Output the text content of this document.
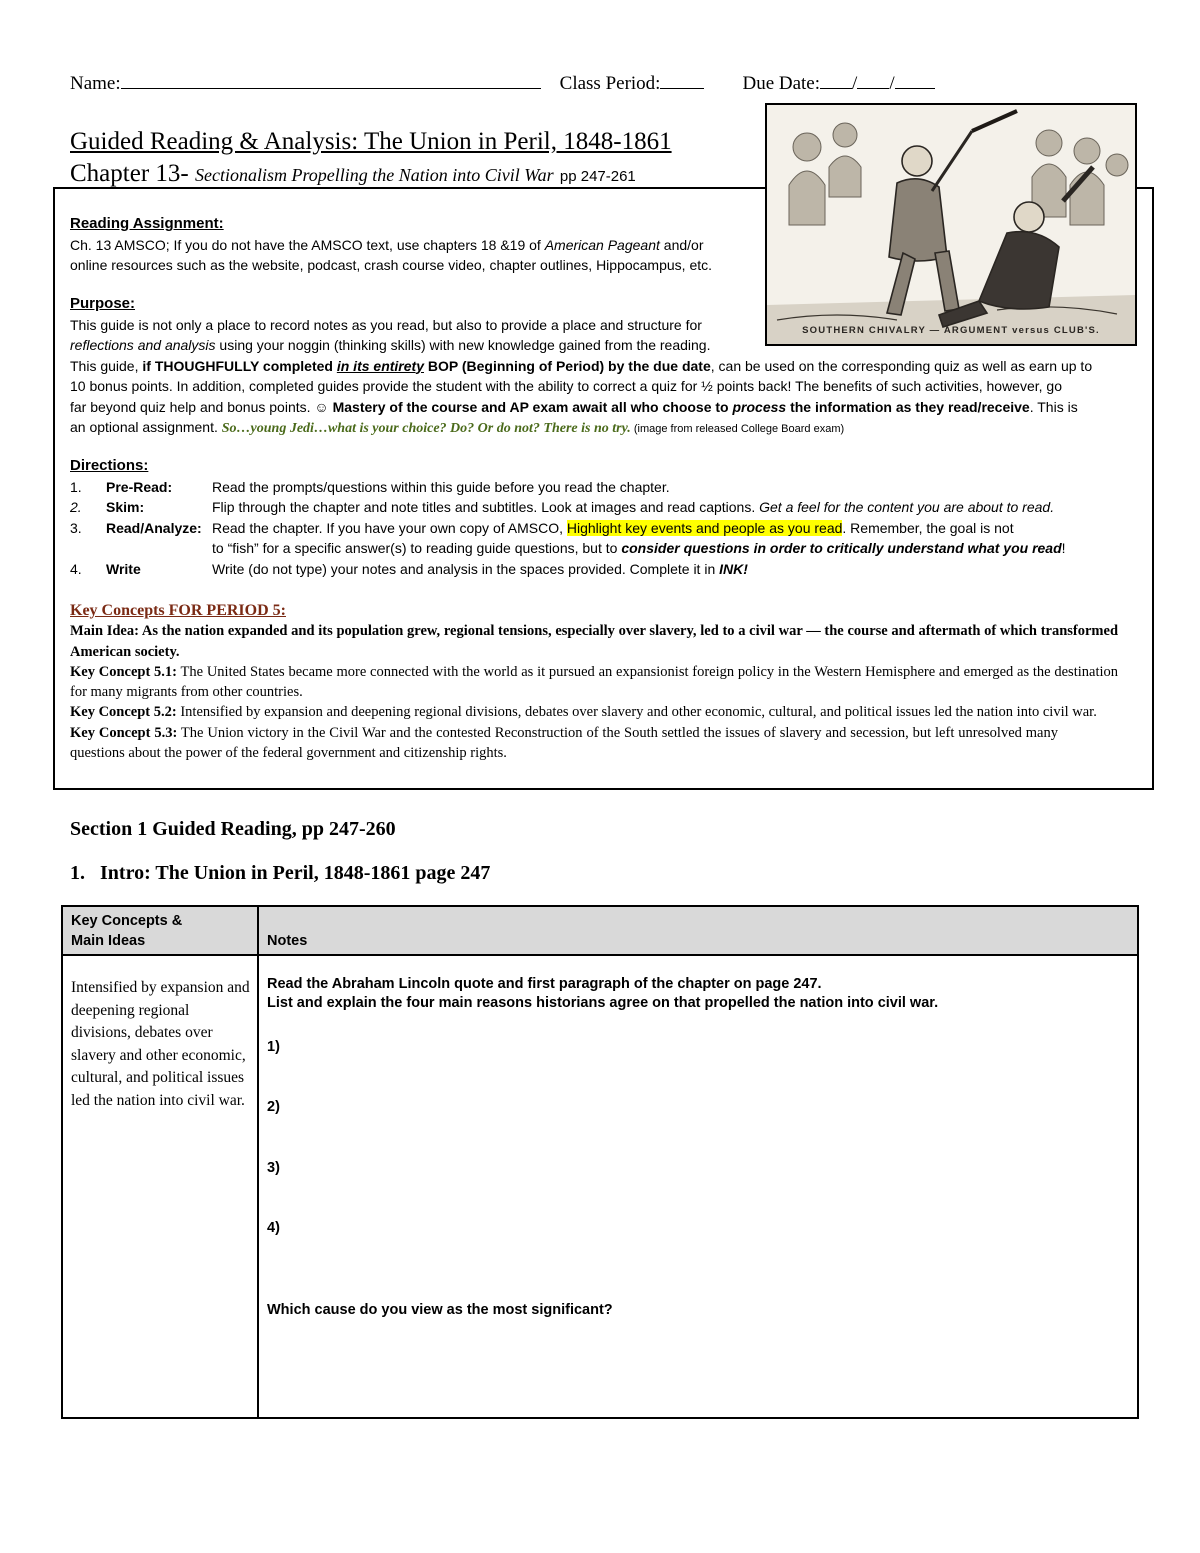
Name:	Class Period:	Due Date: / /
Guided Reading & Analysis: The Union in Peril, 1848-1861
Chapter 13- Sectionalism Propelling the Nation into Civil War pp 247-261
SOUTHERN CHIVALRY — ARGUMENT versus CLUB'S.
Reading Assignment:
Ch. 13 AMSCO; If you do not have the AMSCO text, use chapters 18 &19 of American Pageant and/or
online resources such as the website, podcast, crash course video, chapter outlines, Hippocampus, etc.
Purpose:
This guide is not only a place to record notes as you read, but also to provide a place and structure for
reflections and analysis using your noggin (thinking skills) with new knowledge gained from the reading.
This guide, if THOUGHFULLY completed in its entirety BOP (Beginning of Period) by the due date, can be used on the corresponding quiz as well as earn up to
10 bonus points. In addition, completed guides provide the student with the ability to correct a quiz for ½ points back! The benefits of such activities, however, go
far beyond quiz help and bonus points. ☺ Mastery of the course and AP exam await all who choose to process the information as they read/receive. This is
an optional assignment. So…young Jedi…what is your choice? Do? Or do not? There is no try. (image from released College Board exam)
Directions:
1. Pre-Read:	Read the prompts/questions within this guide before you read the chapter.
2. Skim:	Flip through the chapter and note titles and subtitles. Look at images and read captions. Get a feel for the content you are about to read.
3. Read/Analyze: Read the chapter. If you have your own copy of AMSCO, Highlight key events and people as you read. Remember, the goal is not
to “fish” for a specific answer(s) to reading guide questions, but to consider questions in order to critically understand what you read!
4. Write	Write (do not type) your notes and analysis in the spaces provided. Complete it in INK!
Key Concepts FOR PERIOD 5:

Main Idea: As the nation expanded and its population grew, regional tensions, especially over slavery, led to a civil war — the course and aftermath of which transformed American society.

Key Concept 5.1: The United States became more connected with the world as it pursued an expansionist foreign policy in the Western Hemisphere and emerged as the destination for many migrants from other countries.

Key Concept 5.2: Intensified by expansion and deepening regional divisions, debates over slavery and other economic, cultural, and political issues led the nation into civil war.

Key Concept 5.3: The Union victory in the Civil War and the contested Reconstruction of the South settled the issues of slavery and secession, but left unresolved many questions about the power of the federal government and citizenship rights.

Section 1 Guided Reading, pp 247-260
1. Intro: The Union in Peril, 1848-1861 page 247
Key Concepts &
Main Ideas	Notes
Intensified by expansion and deepening regional divisions, debates over slavery and other economic, cultural, and political issues led the nation into civil war.
Read the Abraham Lincoln quote and first paragraph of the chapter on page 247.
List and explain the four main reasons historians agree on that propelled the nation into civil war.
1)
2)
3)
4)
Which cause do you view as the most significant?
